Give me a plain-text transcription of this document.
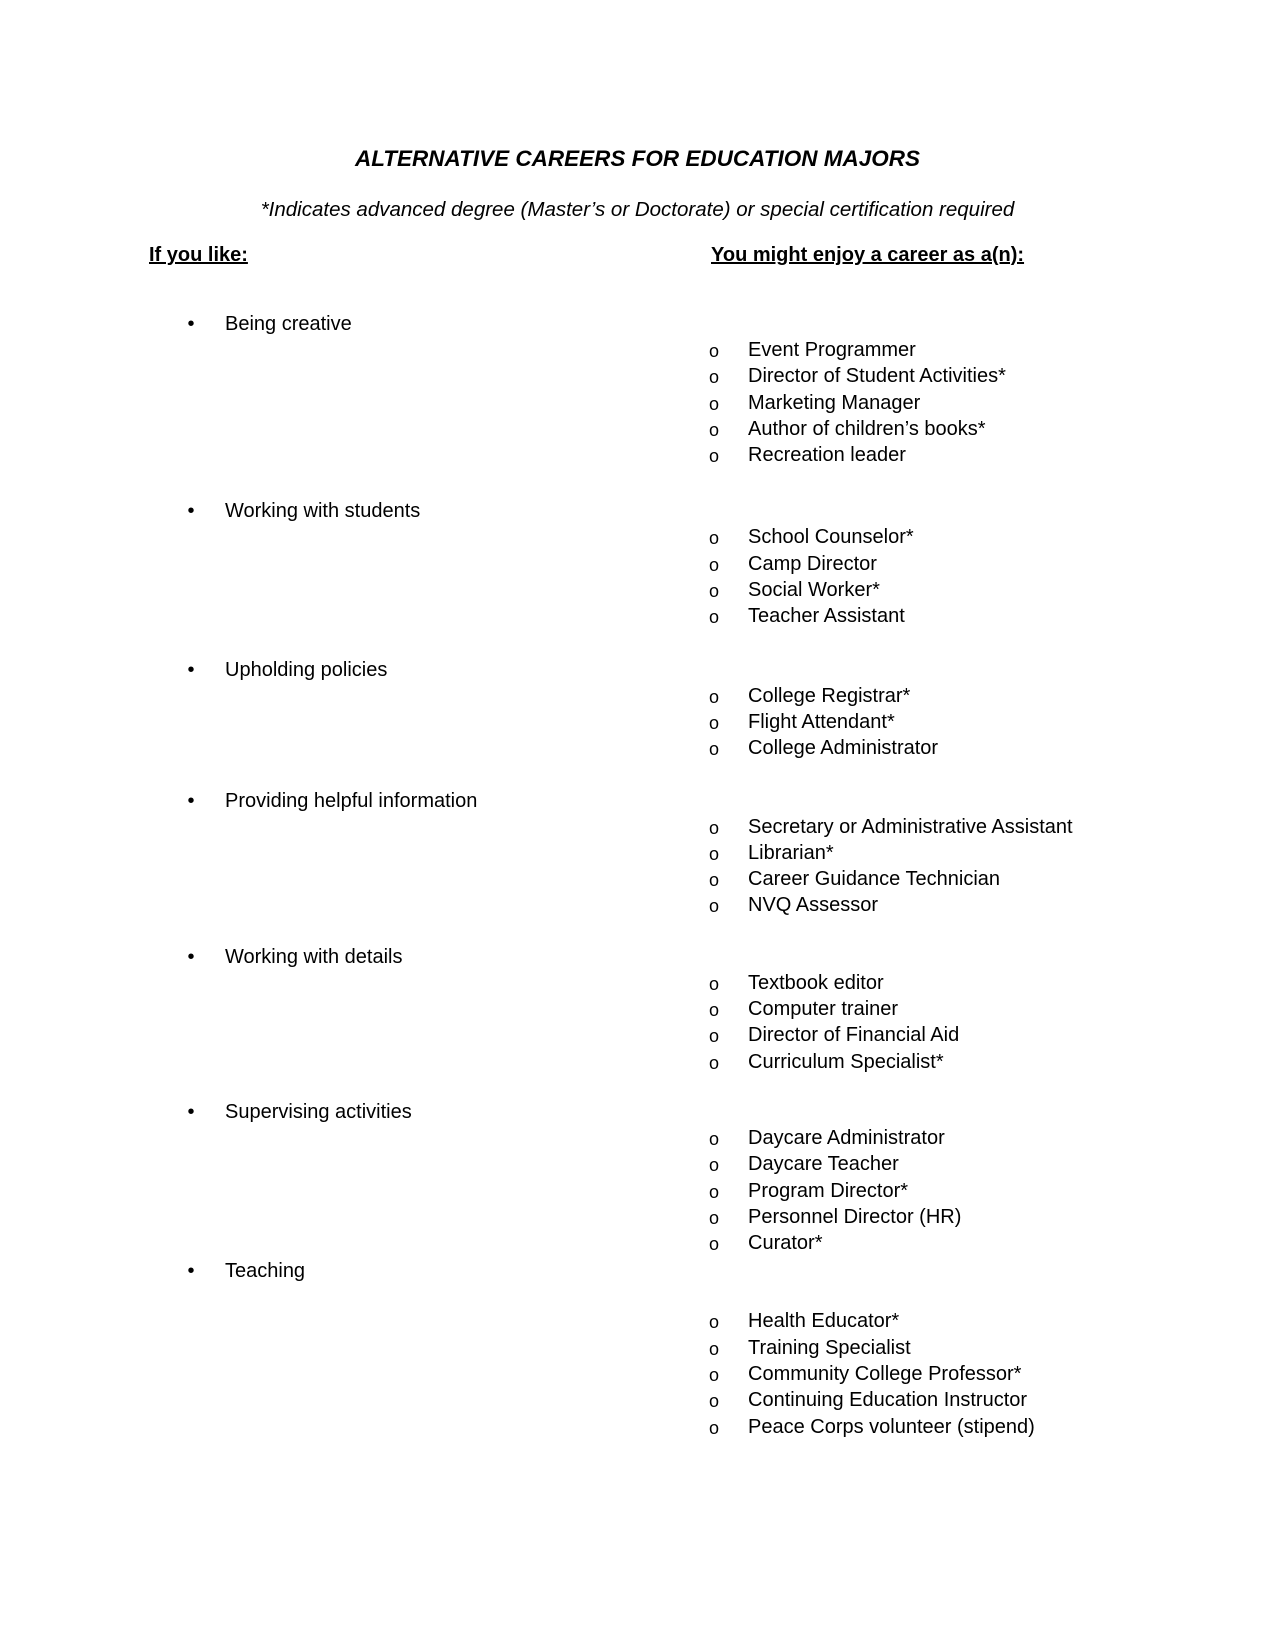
ALTERNATIVE CAREERS FOR EDUCATION MAJORS
*Indicates advanced degree (Master’s or Doctorate) or special certification required
If you like:	You might enjoy a career as a(n):
• Being creative
o Event Programmer
o Director of Student Activities*
o Marketing Manager
o Author of children’s books*
o Recreation leader
• Working with students
o School Counselor*
o Camp Director
o Social Worker*
o Teacher Assistant
• Upholding policies
o College Registrar*
o Flight Attendant*
o College Administrator
• Providing helpful information
o Secretary or Administrative Assistant
o Librarian*
o Career Guidance Technician
o NVQ Assessor
• Working with details
o Textbook editor
o Computer trainer
o Director of Financial Aid
o Curriculum Specialist*
• Supervising activities
o Daycare Administrator
o Daycare Teacher
o Program Director*
o Personnel Director (HR)
o Curator*
• Teaching
o Health Educator*
o Training Specialist
o Community College Professor*
o Continuing Education Instructor
o Peace Corps volunteer (stipend)
